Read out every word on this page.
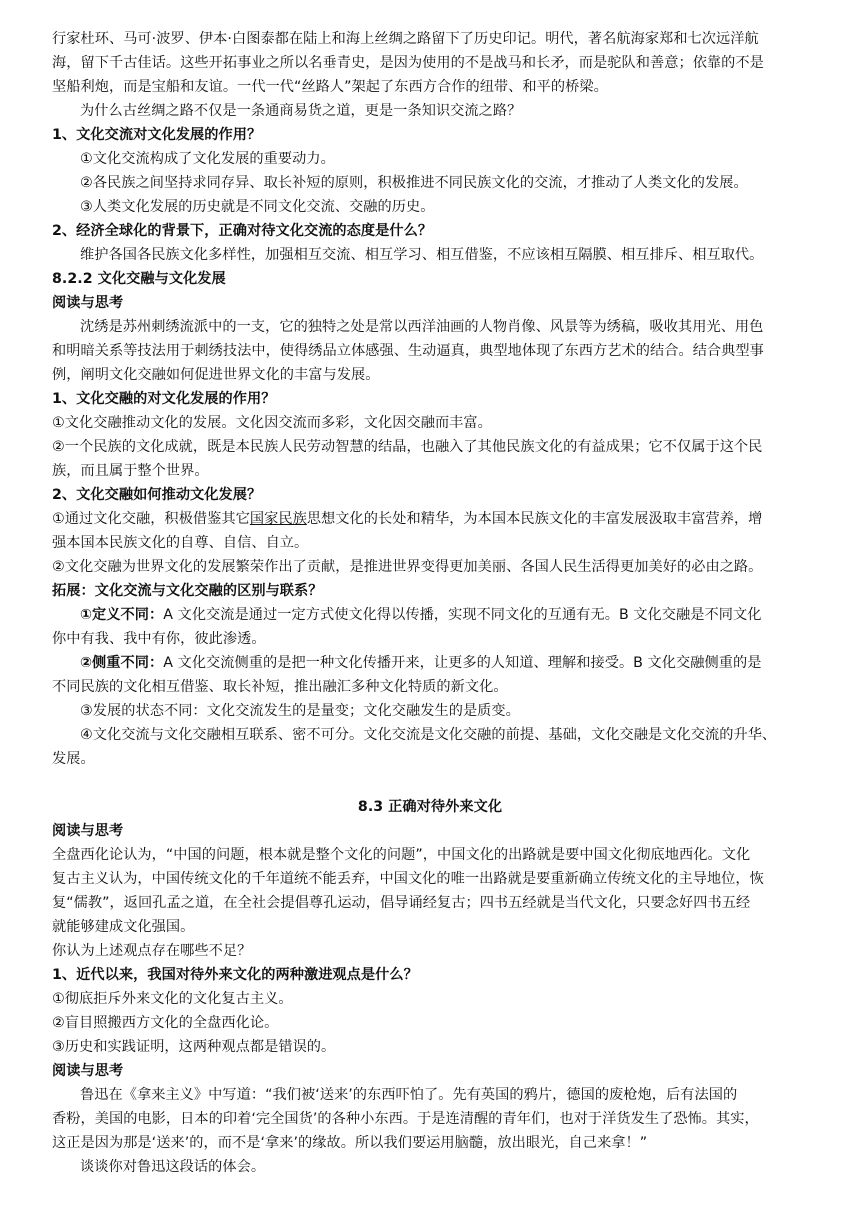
行家杜环、马可·波罗、伊本·白图泰都在陆上和海上丝绸之路留下了历史印记。明代，著名航海家郑和七次远洋航
海，留下千古佳话。这些开拓事业之所以名垂青史，是因为使用的不是战马和长矛，而是驼队和善意；依靠的不是
坚船利炮，而是宝船和友谊。一代一代“丝路人”架起了东西方合作的纽带、和平的桥梁。
为什么古丝绸之路不仅是一条通商易货之道，更是一条知识交流之路？
1、文化交流对文化发展的作用？
①文化交流构成了文化发展的重要动力。
②各民族之间坚持求同存异、取长补短的原则，积极推进不同民族文化的交流，才推动了人类文化的发展。
③人类文化发展的历史就是不同文化交流、交融的历史。
2、经济全球化的背景下，正确对待文化交流的态度是什么？
维护各国各民族文化多样性，加强相互交流、相互学习、相互借鉴，不应该相互隔膜、相互排斥、相互取代。
8.2.2 文化交融与文化发展
阅读与思考
沈绣是苏州刺绣流派中的一支，它的独特之处是常以西洋油画的人物肖像、风景等为绣稿，吸收其用光、用色
和明暗关系等技法用于刺绣技法中，使得绣品立体感强、生动逼真，典型地体现了东西方艺术的结合。结合典型事
例，阐明文化交融如何促进世界文化的丰富与发展。
1、文化交融的对文化发展的作用？
①文化交融推动文化的发展。文化因交流而多彩，文化因交融而丰富。
②一个民族的文化成就，既是本民族人民劳动智慧的结晶，也融入了其他民族文化的有益成果；它不仅属于这个民
族，而且属于整个世界。
2、文化交融如何推动文化发展？
①通过文化交融，积极借鉴其它国家民族思想文化的长处和精华，为本国本民族文化的丰富发展汲取丰富营养，增
强本国本民族文化的自尊、自信、自立。
②文化交融为世界文化的发展繁荣作出了贡献，是推进世界变得更加美丽、各国人民生活得更加美好的必由之路。
拓展：文化交流与文化交融的区别与联系？
①定义不同：A 文化交流是通过一定方式使文化得以传播，实现不同文化的互通有无。B 文化交融是不同文化
你中有我、我中有你，彼此渗透。
②侧重不同：A 文化交流侧重的是把一种文化传播开来，让更多的人知道、理解和接受。B 文化交融侧重的是
不同民族的文化相互借鉴、取长补短，推出融汇多种文化特质的新文化。
③发展的状态不同：文化交流发生的是量变；文化交融发生的是质变。
④文化交流与文化交融相互联系、密不可分。文化交流是文化交融的前提、基础，文化交融是文化交流的升华、
发展。
8.3 正确对待外来文化
阅读与思考
全盘西化论认为，“中国的问题，根本就是整个文化的问题”，中国文化的出路就是要中国文化彻底地西化。文化
复古主义认为，中国传统文化的千年道统不能丢弃，中国文化的唯一出路就是要重新确立传统文化的主导地位，恢
复“儒教”，返回孔孟之道，在全社会提倡尊孔运动，倡导诵经复古；四书五经就是当代文化，只要念好四书五经
就能够建成文化强国。
你认为上述观点存在哪些不足？
1、近代以来，我国对待外来文化的两种激进观点是什么？
①彻底拒斥外来文化的文化复古主义。
②盲目照搬西方文化的全盘西化论。
③历史和实践证明，这两种观点都是错误的。
阅读与思考
鲁迅在《拿来主义》中写道：“我们被‘送来’的东西吓怕了。先有英国的鸦片，德国的废枪炮，后有法国的
香粉，美国的电影，日本的印着‘完全国货’的各种小东西。于是连清醒的青年们，也对于洋货发生了恐怖。其实，
这正是因为那是‘送来’的，而不是‘拿来’的缘故。所以我们要运用脑髓，放出眼光，自己来拿！”
谈谈你对鲁迅这段话的体会。
